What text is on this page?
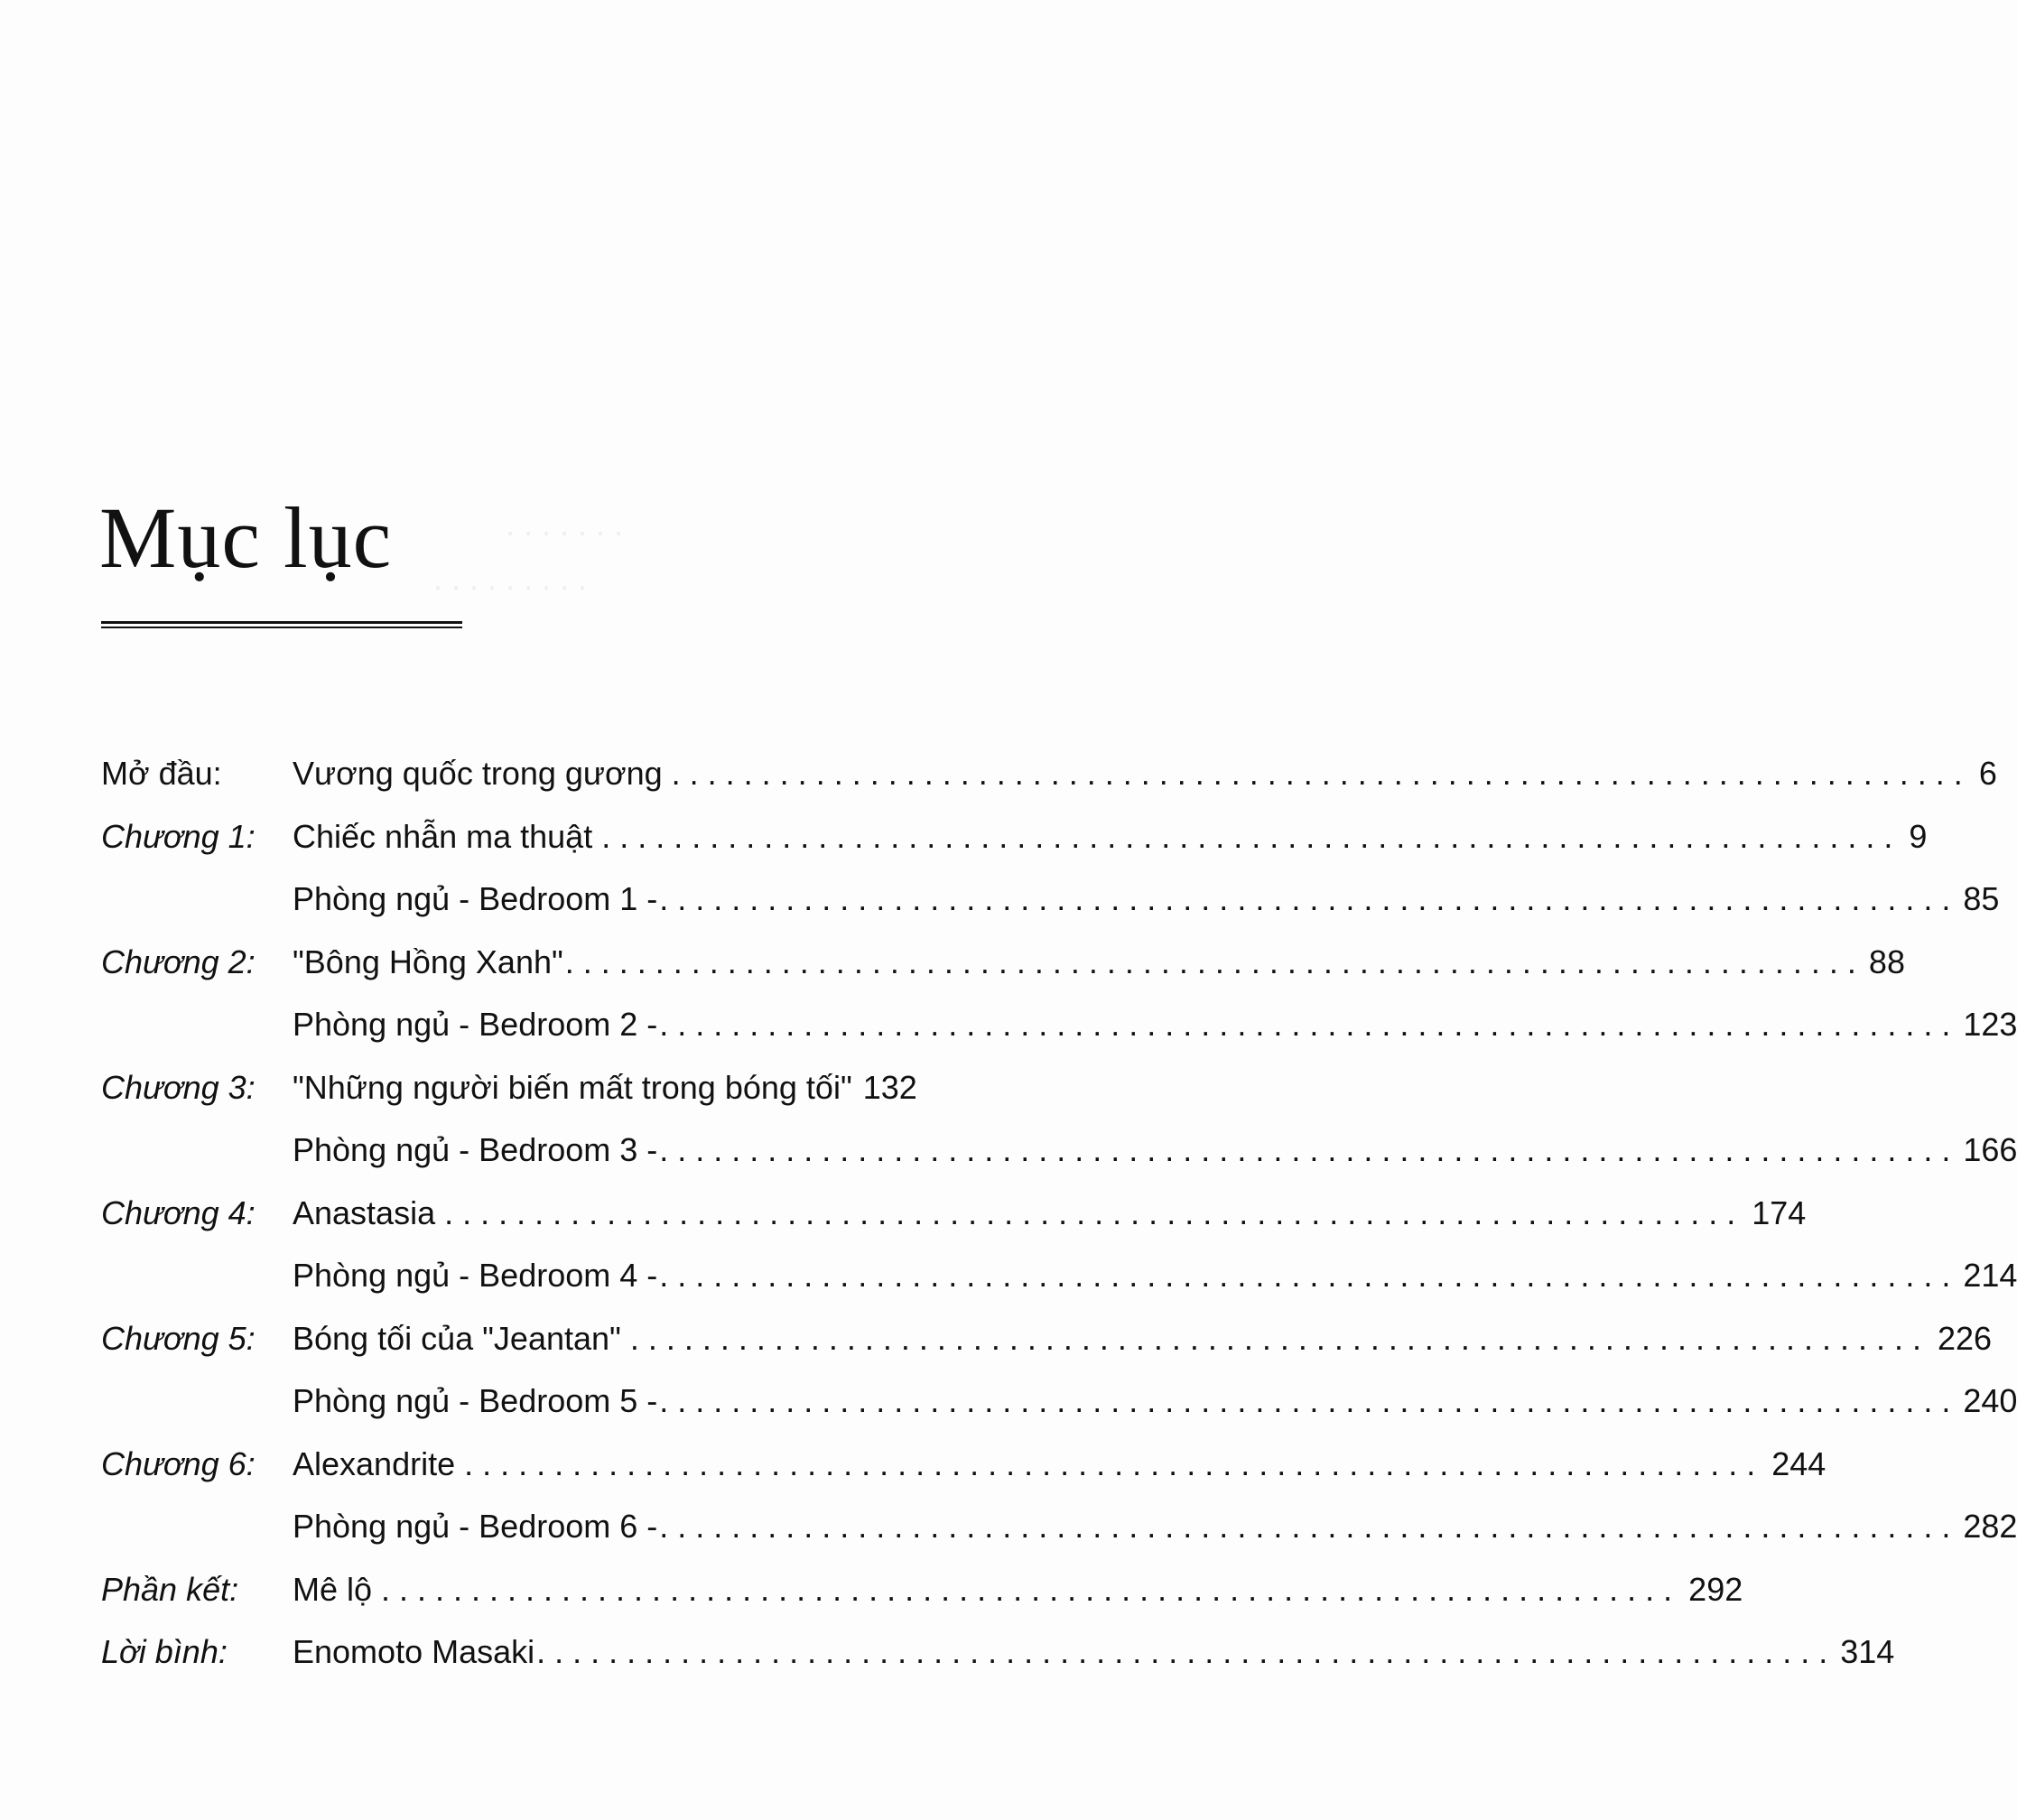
. . . . . . .
. . . . . . . . .
Mục lục
Mở đầu:	Vương quốc trong gương ........................................................................ 6
Chương 1:	Chiếc nhẫn ma thuật ........................................................................ 9
Phòng ngủ - Bedroom 1 - ........................................................................ 85
Chương 2:	"Bông Hồng Xanh" ........................................................................ 88
Phòng ngủ - Bedroom 2 - ........................................................................ 123
Chương 3:	"Những người biến mất trong bóng tối" 132
Phòng ngủ - Bedroom 3 - ........................................................................ 166
Chương 4:	Anastasia ........................................................................ 174
Phòng ngủ - Bedroom 4 - ........................................................................ 214
Chương 5:	Bóng tối của "Jeantan" ........................................................................ 226
Phòng ngủ - Bedroom 5 - ........................................................................ 240
Chương 6:	Alexandrite ........................................................................ 244
Phòng ngủ - Bedroom 6 - ........................................................................ 282
Phần kết:	Mê lộ ........................................................................ 292
Lời bình:	Enomoto Masaki ........................................................................ 314
